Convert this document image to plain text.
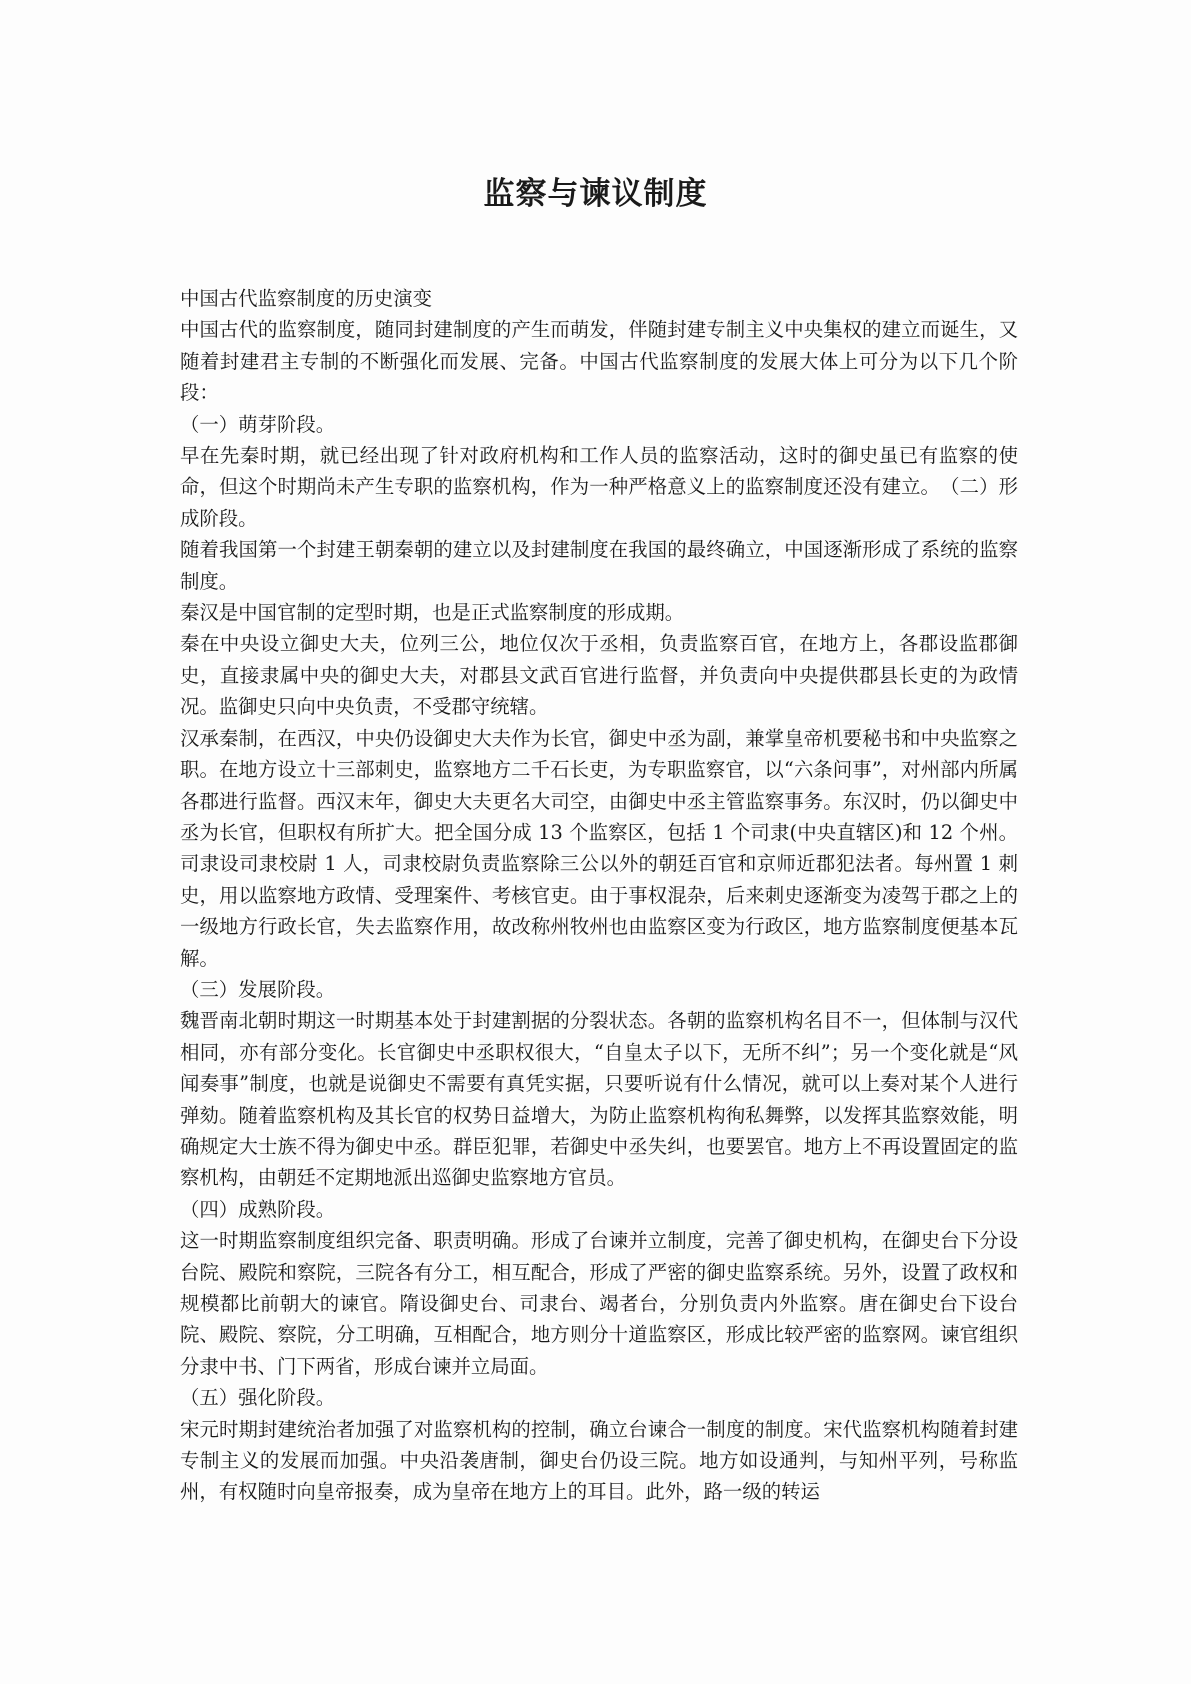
监察与谏议制度

中国古代监察制度的历史演变

中国古代的监察制度，随同封建制度的产生而萌发，伴随封建专制主义中央集权的建立而诞生，又随着封建君主专制的不断强化而发展、完备。中国古代监察制度的发展大体上可分为以下几个阶段：

（一）萌芽阶段。

早在先秦时期，就已经出现了针对政府机构和工作人员的监察活动，这时的御史虽已有监察的使命，但这个时期尚未产生专职的监察机构，作为一种严格意义上的监察制度还没有建立。　（二）形成阶段。

随着我国第一个封建王朝秦朝的建立以及封建制度在我国的最终确立，中国逐渐形成了系统的监察制度。

秦汉是中国官制的定型时期，也是正式监察制度的形成期。

秦在中央设立御史大夫，位列三公，地位仅次于丞相，负责监察百官，在地方上，各郡设监郡御史，直接隶属中央的御史大夫，对郡县文武百官进行监督，并负责向中央提供郡县长吏的为政情况。监御史只向中央负责，不受郡守统辖。

汉承秦制，在西汉，中央仍设御史大夫作为长官，御史中丞为副，兼掌皇帝机要秘书和中央监察之职。在地方设立十三部刺史，监察地方二千石长吏，为专职监察官，以“六条问事”，对州部内所属各郡进行监督。西汉末年，御史大夫更名大司空，由御史中丞主管监察事务。东汉时，仍以御史中丞为长官，但职权有所扩大。把全国分成 13 个监察区，包括 1 个司隶(中央直辖区)和 12 个州。司隶设司隶校尉 1 人，司隶校尉负责监察除三公以外的朝廷百官和京师近郡犯法者。每州置 1 刺史，用以监察地方政情、受理案件、考核官吏。由于事权混杂，后来刺史逐渐变为凌驾于郡之上的一级地方行政长官，失去监察作用，故改称州牧州也由监察区变为行政区，地方监察制度便基本瓦解。

（三）发展阶段。

魏晋南北朝时期这一时期基本处于封建割据的分裂状态。各朝的监察机构名目不一，但体制与汉代相同，亦有部分变化。长官御史中丞职权很大，“自皇太子以下，无所不纠”；另一个变化就是“风闻奏事”制度，也就是说御史不需要有真凭实据，只要听说有什么情况，就可以上奏对某个人进行弹劾。随着监察机构及其长官的权势日益增大，为防止监察机构徇私舞弊，以发挥其监察效能，明确规定大士族不得为御史中丞。群臣犯罪，若御史中丞失纠，也要罢官。地方上不再设置固定的监察机构，由朝廷不定期地派出巡御史监察地方官员。

（四）成熟阶段。

这一时期监察制度组织完备、职责明确。形成了台谏并立制度，完善了御史机构，在御史台下分设台院、殿院和察院，三院各有分工，相互配合，形成了严密的御史监察系统。另外，设置了政权和规模都比前朝大的谏官。隋设御史台、司隶台、竭者台，分别负责内外监察。唐在御史台下设台院、殿院、察院，分工明确，互相配合，地方则分十道监察区，形成比较严密的监察网。谏官组织分隶中书、门下两省，形成台谏并立局面。

（五）强化阶段。

宋元时期封建统治者加强了对监察机构的控制，确立台谏合一制度的制度。宋代监察机构随着封建专制主义的发展而加强。中央沿袭唐制，御史台仍设三院。地方如设通判，与知州平列，号称监州，有权随时向皇帝报奏，成为皇帝在地方上的耳目。此外，路一级的转运
